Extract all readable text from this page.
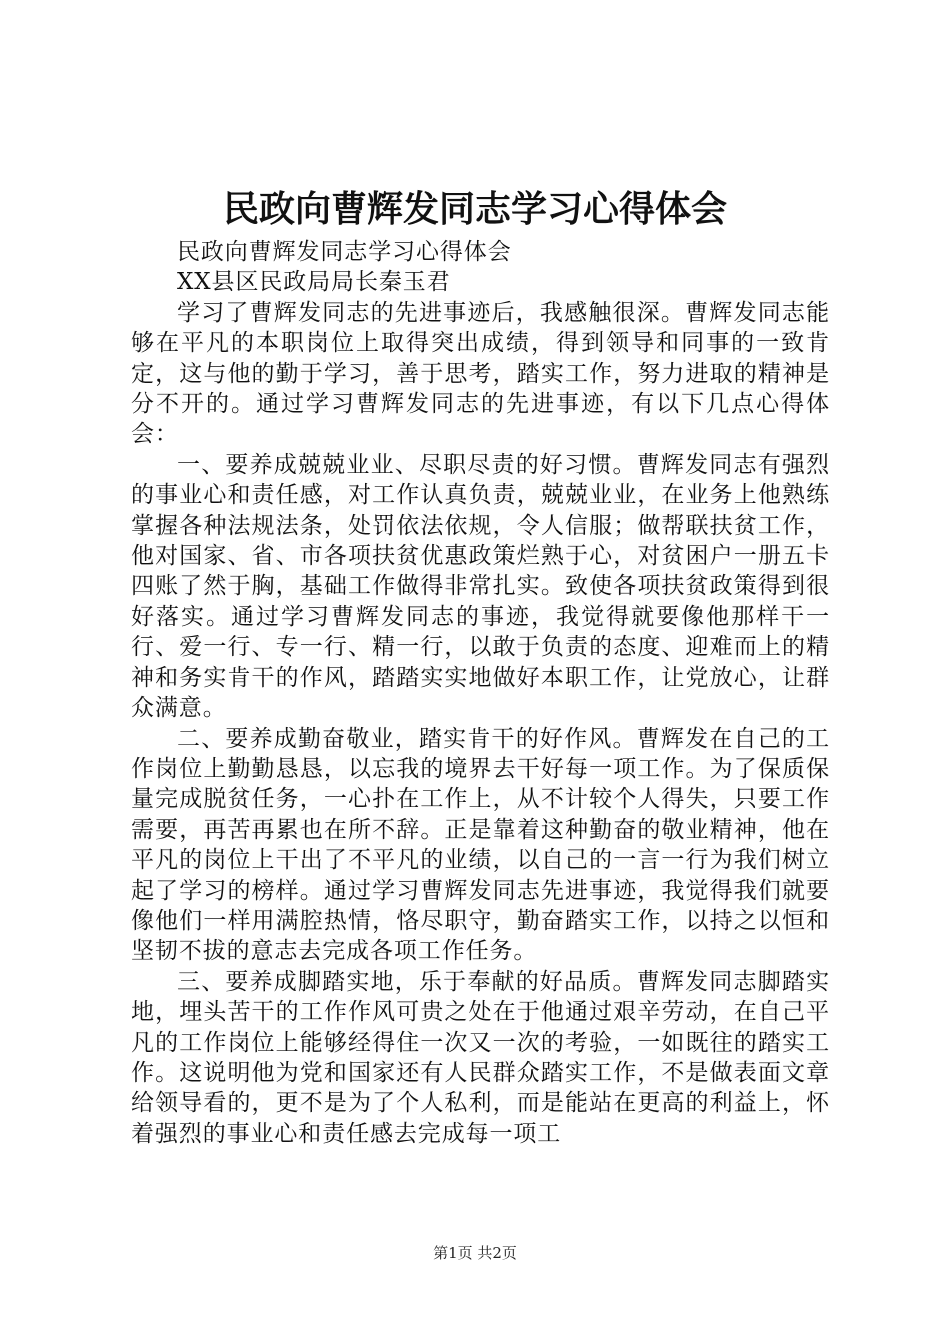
民政向曹辉发同志学习心得体会

民政向曹辉发同志学习心得体会

XX县区民政局局长秦玉君

学习了曹辉发同志的先进事迹后，我感触很深。曹辉发同志能够在平凡的本职岗位上取得突出成绩，得到领导和同事的一致肯定，这与他的勤于学习，善于思考，踏实工作，努力进取的精神是分不开的。通过学习曹辉发同志的先进事迹，有以下几点心得体会：

一、要养成兢兢业业、尽职尽责的好习惯。曹辉发同志有强烈的事业心和责任感，对工作认真负责，兢兢业业，在业务上他熟练掌握各种法规法条，处罚依法依规，令人信服；做帮联扶贫工作，他对国家、省、市各项扶贫优惠政策烂熟于心，对贫困户一册五卡四账了然于胸，基础工作做得非常扎实。致使各项扶贫政策得到很好落实。通过学习曹辉发同志的事迹，我觉得就要像他那样干一行、爱一行、专一行、精一行，以敢于负责的态度、迎难而上的精神和务实肯干的作风，踏踏实实地做好本职工作，让党放心，让群众满意。

二、要养成勤奋敬业，踏实肯干的好作风。曹辉发在自己的工作岗位上勤勤恳恳，以忘我的境界去干好每一项工作。为了保质保量完成脱贫任务，一心扑在工作上，从不计较个人得失，只要工作需要，再苦再累也在所不辞。正是靠着这种勤奋的敬业精神，他在平凡的岗位上干出了不平凡的业绩，以自己的一言一行为我们树立起了学习的榜样。通过学习曹辉发同志先进事迹，我觉得我们就要像他们一样用满腔热情，恪尽职守，勤奋踏实工作，以持之以恒和坚韧不拔的意志去完成各项工作任务。

三、要养成脚踏实地，乐于奉献的好品质。曹辉发同志脚踏实地，埋头苦干的工作作风可贵之处在于他通过艰辛劳动，在自己平凡的工作岗位上能够经得住一次又一次的考验，一如既往的踏实工作。这说明他为党和国家还有人民群众踏实工作，不是做表面文章给领导看的，更不是为了个人私利，而是能站在更高的利益上，怀着强烈的事业心和责任感去完成每一项工

第1页 共2页
